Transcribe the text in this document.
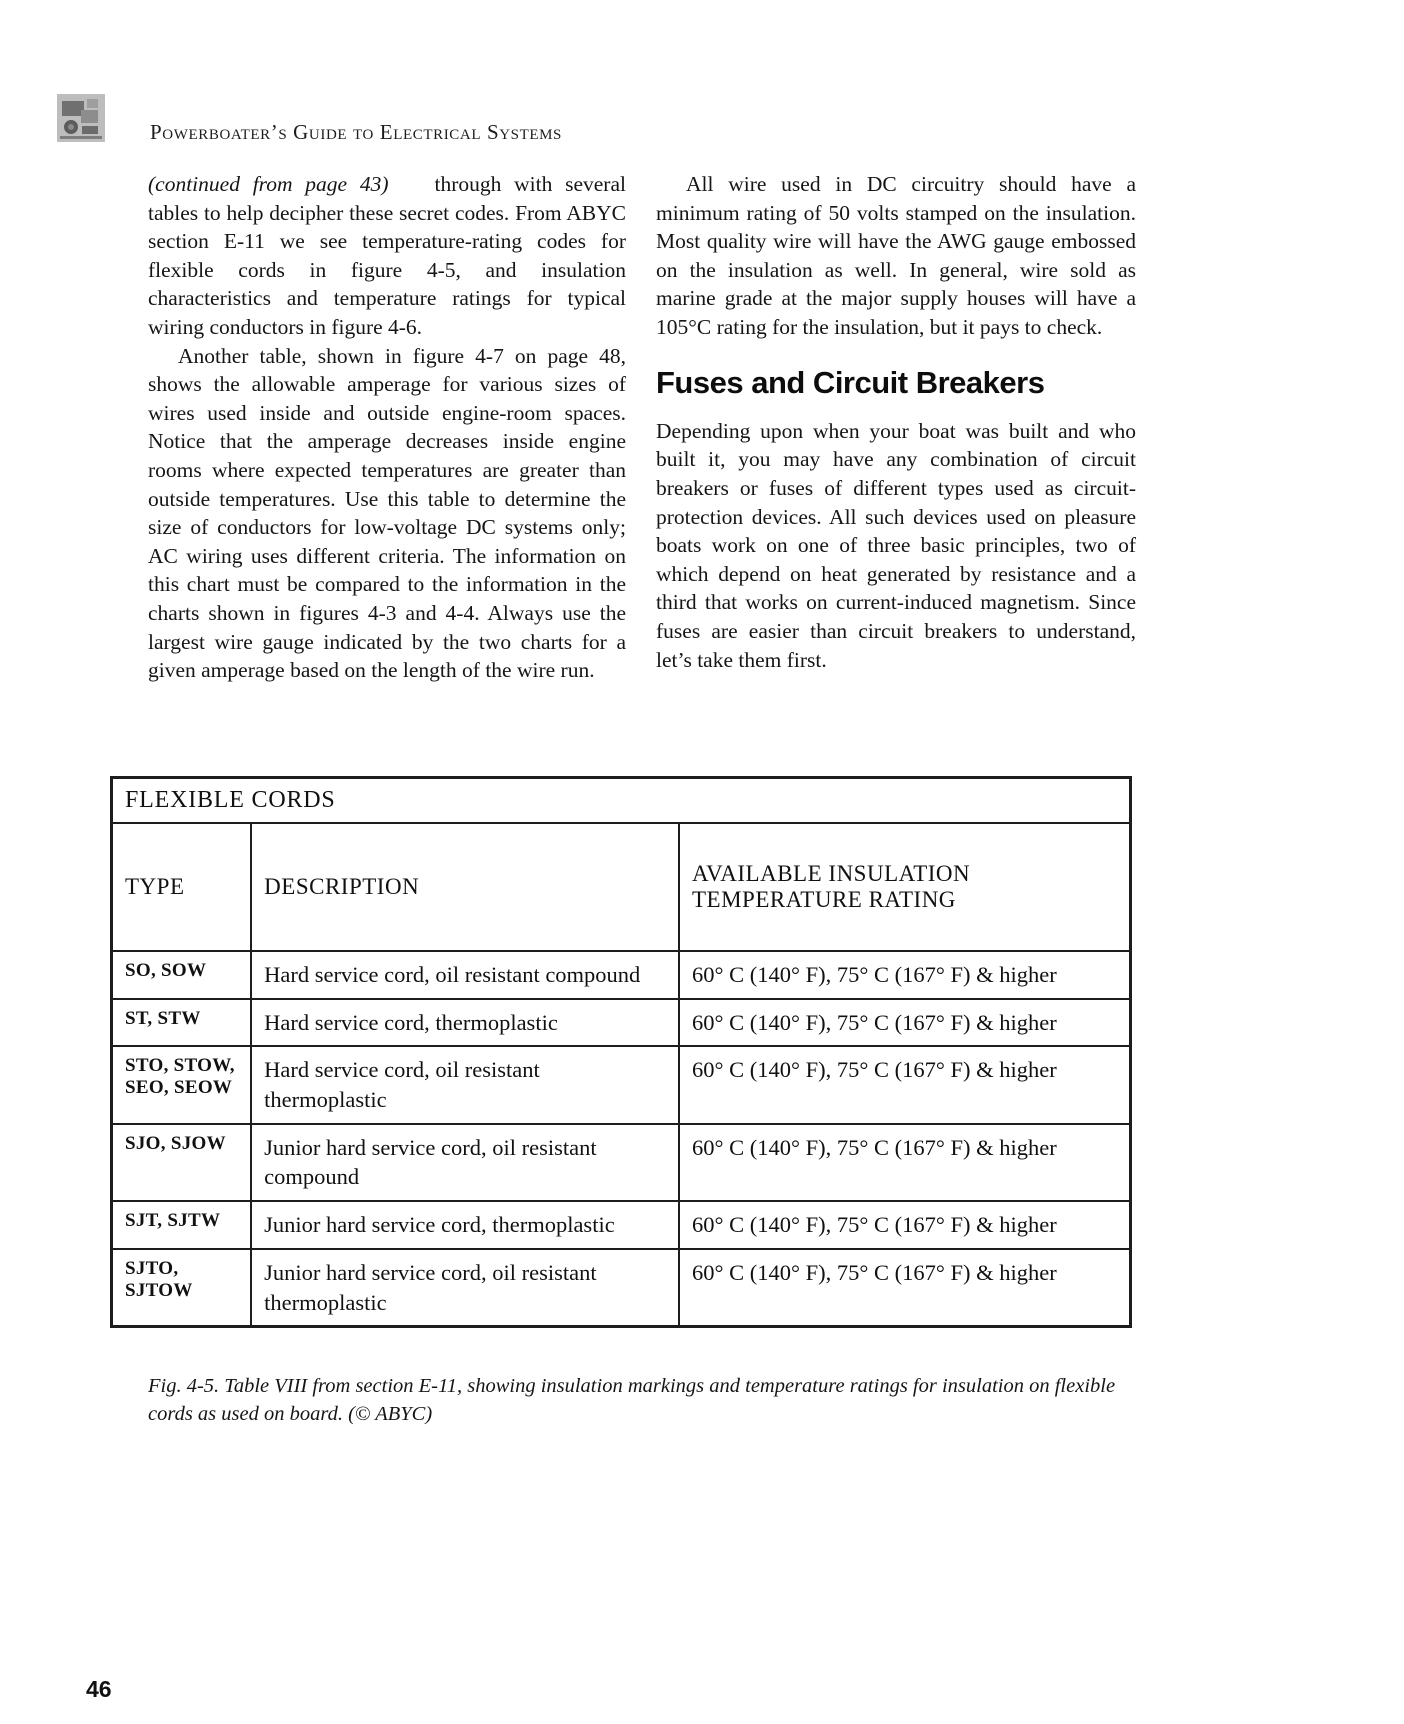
Powerboater’s Guide to Electrical Systems

(continued from page 43) through with several tables to help decipher these secret codes. From ABYC section E-11 we see temperature-rating codes for flexible cords in figure 4-5, and insulation characteristics and temperature ratings for typical wiring conductors in figure 4-6.

Another table, shown in figure 4-7 on page 48, shows the allowable amperage for various sizes of wires used inside and outside engine-room spaces. Notice that the amperage decreases inside engine rooms where expected temperatures are greater than outside temperatures. Use this table to determine the size of conductors for low-voltage DC systems only; AC wiring uses different criteria. The information on this chart must be compared to the information in the charts shown in figures 4-3 and 4-4. Always use the largest wire gauge indicated by the two charts for a given amperage based on the length of the wire run.

All wire used in DC circuitry should have a minimum rating of 50 volts stamped on the insulation. Most quality wire will have the AWG gauge embossed on the insulation as well. In general, wire sold as marine grade at the major supply houses will have a 105°C rating for the insulation, but it pays to check.

Fuses and Circuit Breakers

Depending upon when your boat was built and who built it, you may have any combination of circuit breakers or fuses of different types used as circuit-protection devices. All such devices used on pleasure boats work on one of three basic principles, two of which depend on heat generated by resistance and a third that works on current-induced magnetism. Since fuses are easier than circuit breakers to understand, let’s take them first.

FLEXIBLE CORDS		
TYPE	DESCRIPTION	AVAILABLE INSULATION TEMPERATURE RATING
SO, SOW	Hard service cord, oil resistant compound	60° C (140° F), 75° C (167° F) & higher
ST, STW	Hard service cord, thermoplastic	60° C (140° F), 75° C (167° F) & higher
STO, STOW, SEO, SEOW	Hard service cord, oil resistant thermoplastic	60° C (140° F), 75° C (167° F) & higher
SJO, SJOW	Junior hard service cord, oil resistant compound	60° C (140° F), 75° C (167° F) & higher
SJT, SJTW	Junior hard service cord, thermoplastic	60° C (140° F), 75° C (167° F) & higher
SJTO, SJTOW	Junior hard service cord, oil resistant thermoplastic	60° C (140° F), 75° C (167° F) & higher
Fig. 4-5. Table VIII from section E-11, showing insulation markings and temperature ratings for insulation on flexible cords as used on board. (© ABYC)
46
